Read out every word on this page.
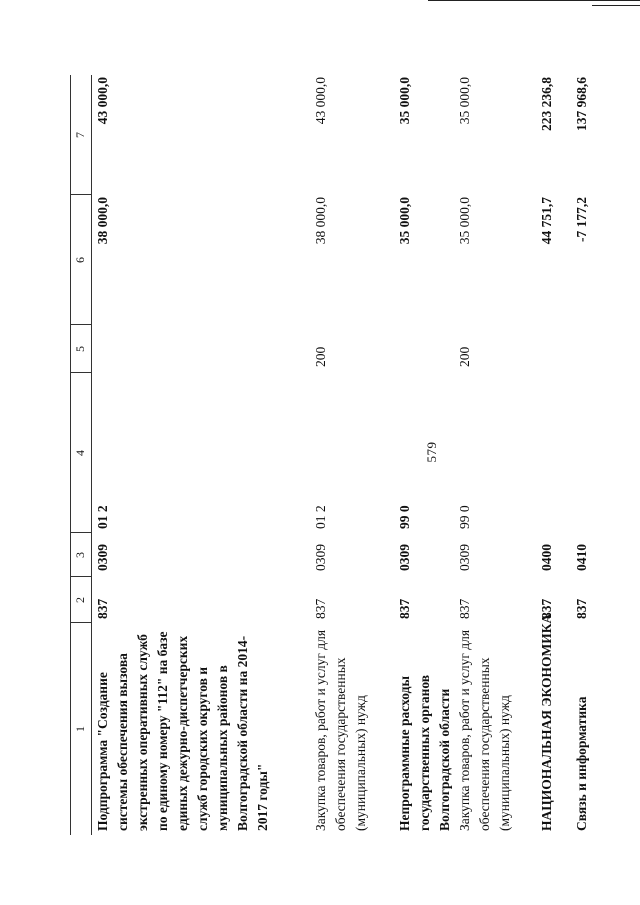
579
1
2
3
4
5
6
7
Подпрограмма "Создание системы обеспечения вызова экстренных оперативных служб по единому номеру "112" на базе единых дежурно-диспетчерских служб городских округов и муниципальных районов в Волгоградской области на 2014-2017 годы"
837
0309
01 2
38 000,0
43 000,0
Закупка товаров, работ и услуг для обеспечения государственных (муниципальных) нужд
837
0309
01 2
200
38 000,0
43 000,0
Непрограммные расходы государственных органов Волгоградской области
837
0309
99 0
35 000,0
35 000,0
Закупка товаров, работ и услуг для обеспечения государственных (муниципальных) нужд
837
0309
99 0
200
35 000,0
35 000,0
НАЦИОНАЛЬНАЯ ЭКОНОМИКА
837
0400
44 751,7
223 236,8
Связь и информатика
837
0410
-7 177,2
137 968,6
